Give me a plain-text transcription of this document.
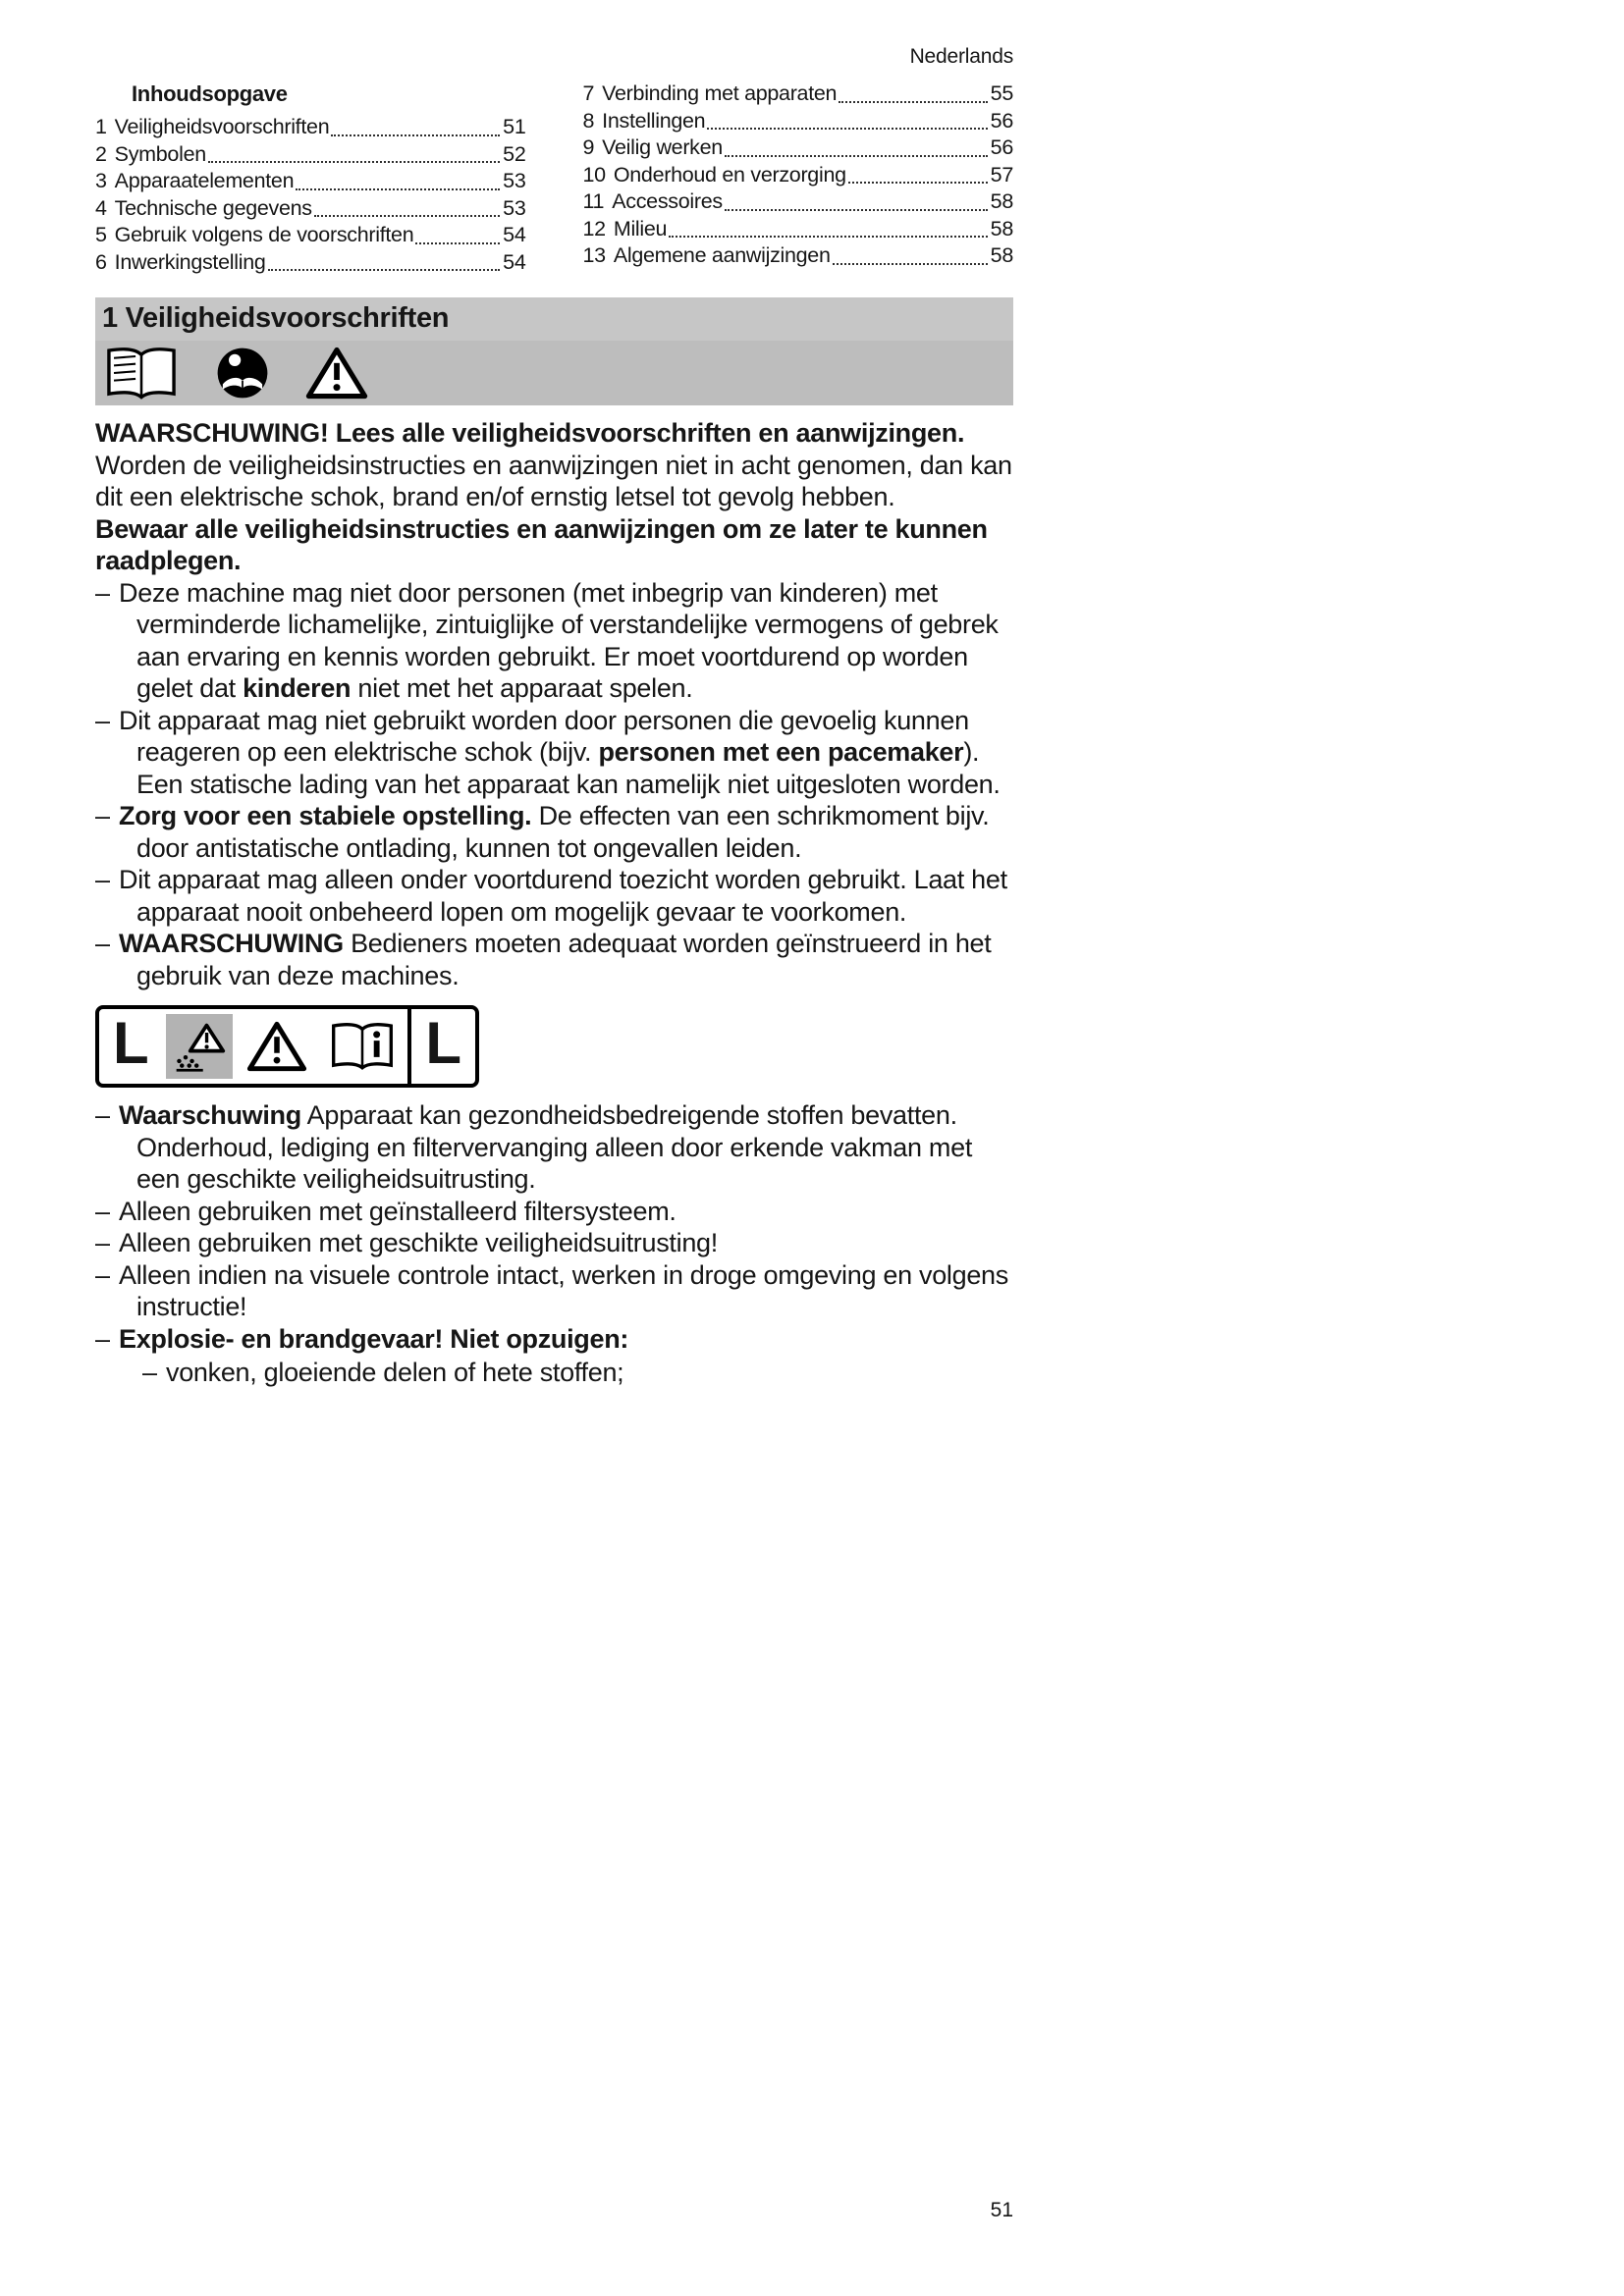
Nederlands
Inhoudsopgave
1 Veiligheidsvoorschriften	51
2 Symbolen	52
3 Apparaatelementen	53
4 Technische gegevens	53
5 Gebruik volgens de voorschriften	54
6 Inwerkingstelling	54
7 Verbinding met apparaten	55
8 Instellingen	56
9 Veilig werken	56
10 Onderhoud en verzorging	57
11 Accessoires	58
12 Milieu	58
13 Algemene aanwijzingen	58
1 Veiligheidsvoorschriften

WAARSCHUWING! Lees alle veiligheidsvoorschriften en aanwijzingen.

Worden de veiligheidsinstructies en aanwijzingen niet in acht genomen, dan kan dit een elektrische schok, brand en/of ernstig letsel tot gevolg hebben.

Bewaar alle veiligheidsinstructies en aanwijzingen om ze later te kunnen raadplegen.

– Deze machine mag niet door personen (met inbegrip van kinderen) met verminderde lichamelijke, zintuiglijke of verstandelijke vermogens of gebrek aan ervaring en kennis worden gebruikt. Er moet voortdurend op worden gelet dat kinderen niet met het apparaat spelen.
– Dit apparaat mag niet gebruikt worden door personen die gevoelig kunnen reageren op een elektrische schok (bijv. personen met een pacemaker). Een statische lading van het apparaat kan namelijk niet uitgesloten worden.
– Zorg voor een stabiele opstelling. De effecten van een schrikmoment bijv. door antistatische ontlading, kunnen tot ongevallen leiden.
– Dit apparaat mag alleen onder voortdurend toezicht worden gebruikt. Laat het apparaat nooit onbeheerd lopen om mogelijk gevaar te voorkomen.
– WAARSCHUWING Bedieners moeten adequaat worden geïnstrueerd in het gebruik van deze machines.
L	L
– Waarschuwing Apparaat kan gezondheidsbedreigende stoffen bevatten. Onderhoud, lediging en filtervervanging alleen door erkende vakman met een geschikte veiligheidsuitrusting.
– Alleen gebruiken met geïnstalleerd filtersysteem.
– Alleen gebruiken met geschikte veiligheidsuitrusting!
– Alleen indien na visuele controle intact, werken in droge omgeving en volgens instructie!
– Explosie- en brandgevaar! Niet opzuigen:
– vonken, gloeiende delen of hete stoffen;
51
